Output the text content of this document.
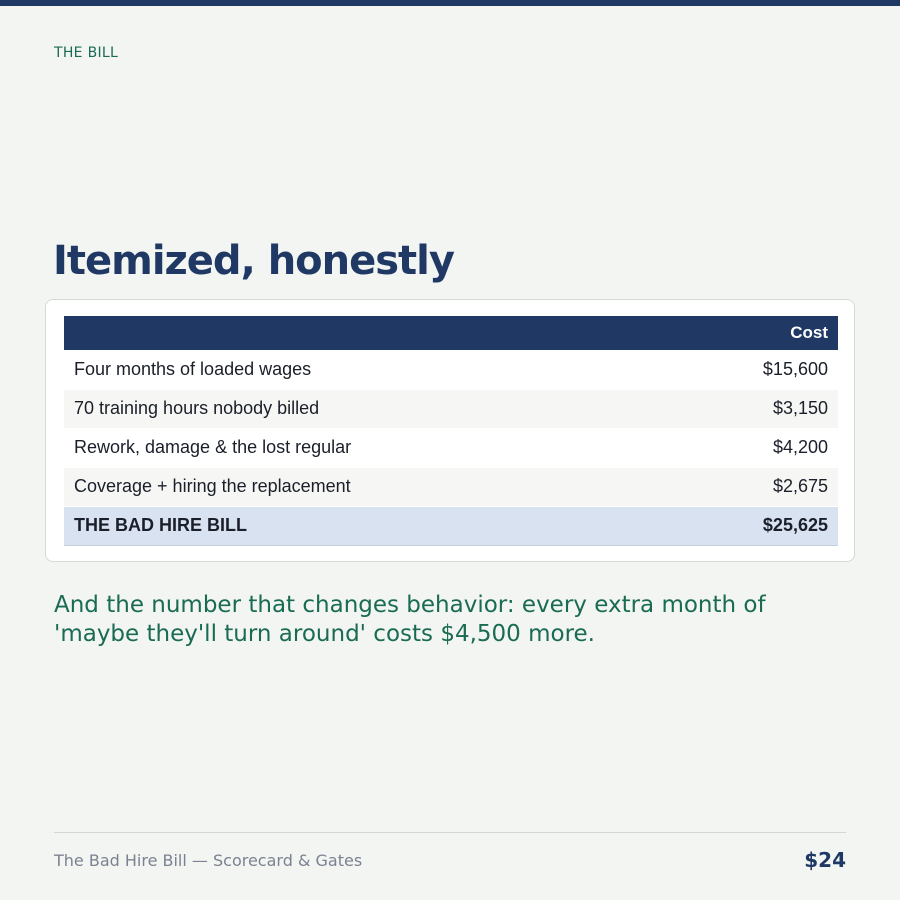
THE BILL
Itemized, honestly
	Cost
Four months of loaded wages	$15,600
70 training hours nobody billed	$3,150
Rework, damage & the lost regular	$4,200
Coverage + hiring the replacement	$2,675
THE BAD HIRE BILL	$25,625

And the number that changes behavior: every extra month of 'maybe they'll turn around' costs $4,500 more.

The Bad Hire Bill — Scorecard & Gates	$24
